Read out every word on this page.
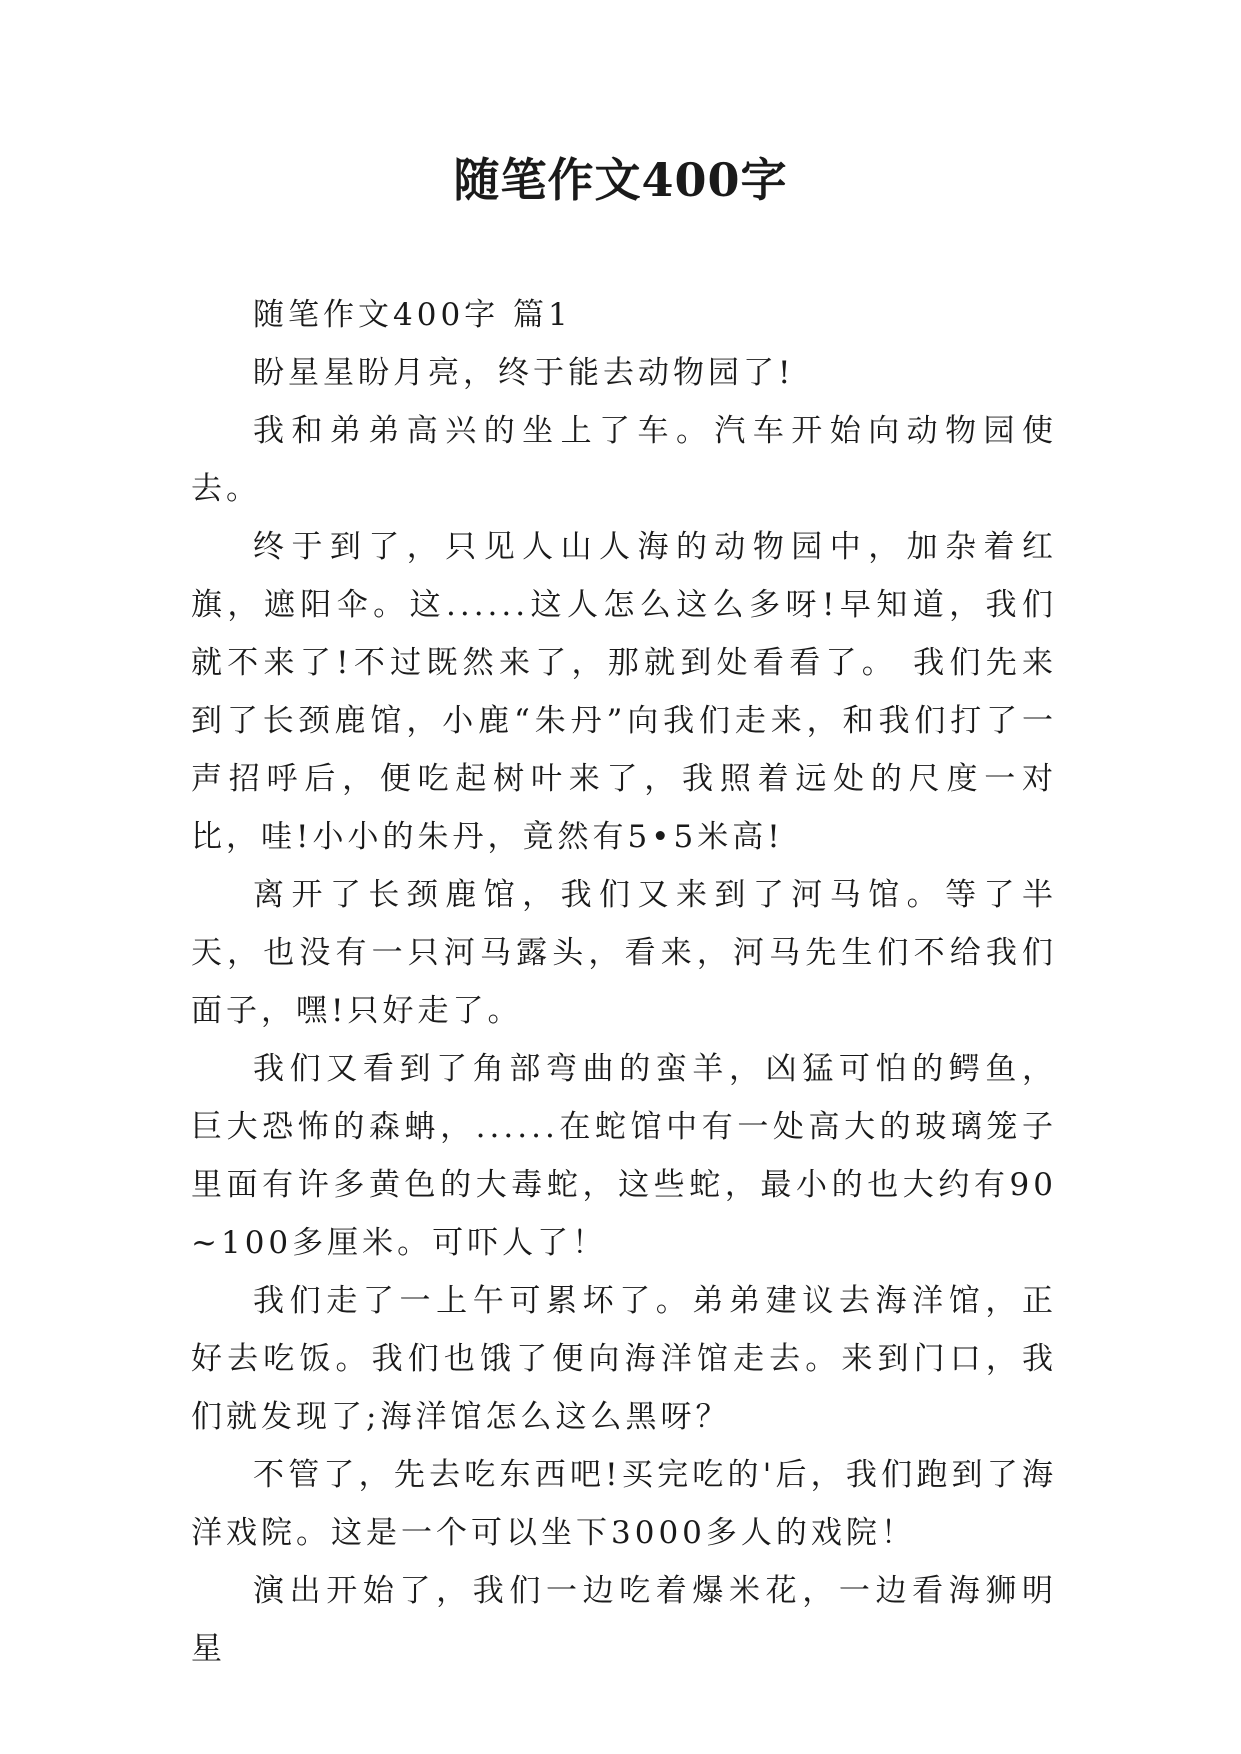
随笔作文400字

随笔作文400字 篇1

盼星星盼月亮，终于能去动物园了!

我和弟弟高兴的坐上了车。汽车开始向动物园使去。

终于到了，只见人山人海的动物园中，加杂着红旗，遮阳伞。这......这人怎么这么多呀!早知道，我们就不来了!不过既然来了，那就到处看看了。 我们先来到了长颈鹿馆，小鹿“朱丹”向我们走来，和我们打了一声招呼后，便吃起树叶来了，我照着远处的尺度一对比，哇!小小的朱丹，竟然有5•5米高!

离开了长颈鹿馆，我们又来到了河马馆。等了半天，也没有一只河马露头，看来，河马先生们不给我们面子，嘿!只好走了。

我们又看到了角部弯曲的蛮羊，凶猛可怕的鳄鱼，巨大恐怖的森蚺，......在蛇馆中有一处高大的玻璃笼子里面有许多黄色的大毒蛇，这些蛇，最小的也大约有90~100多厘米。可吓人了！

我们走了一上午可累坏了。弟弟建议去海洋馆，正好去吃饭。我们也饿了便向海洋馆走去。来到门口，我们就发现了;海洋馆怎么这么黑呀？

不管了，先去吃东西吧!买完吃的'后，我们跑到了海洋戏院。这是一个可以坐下3000多人的戏院！

演出开始了，我们一边吃着爆米花，一边看海狮明星
